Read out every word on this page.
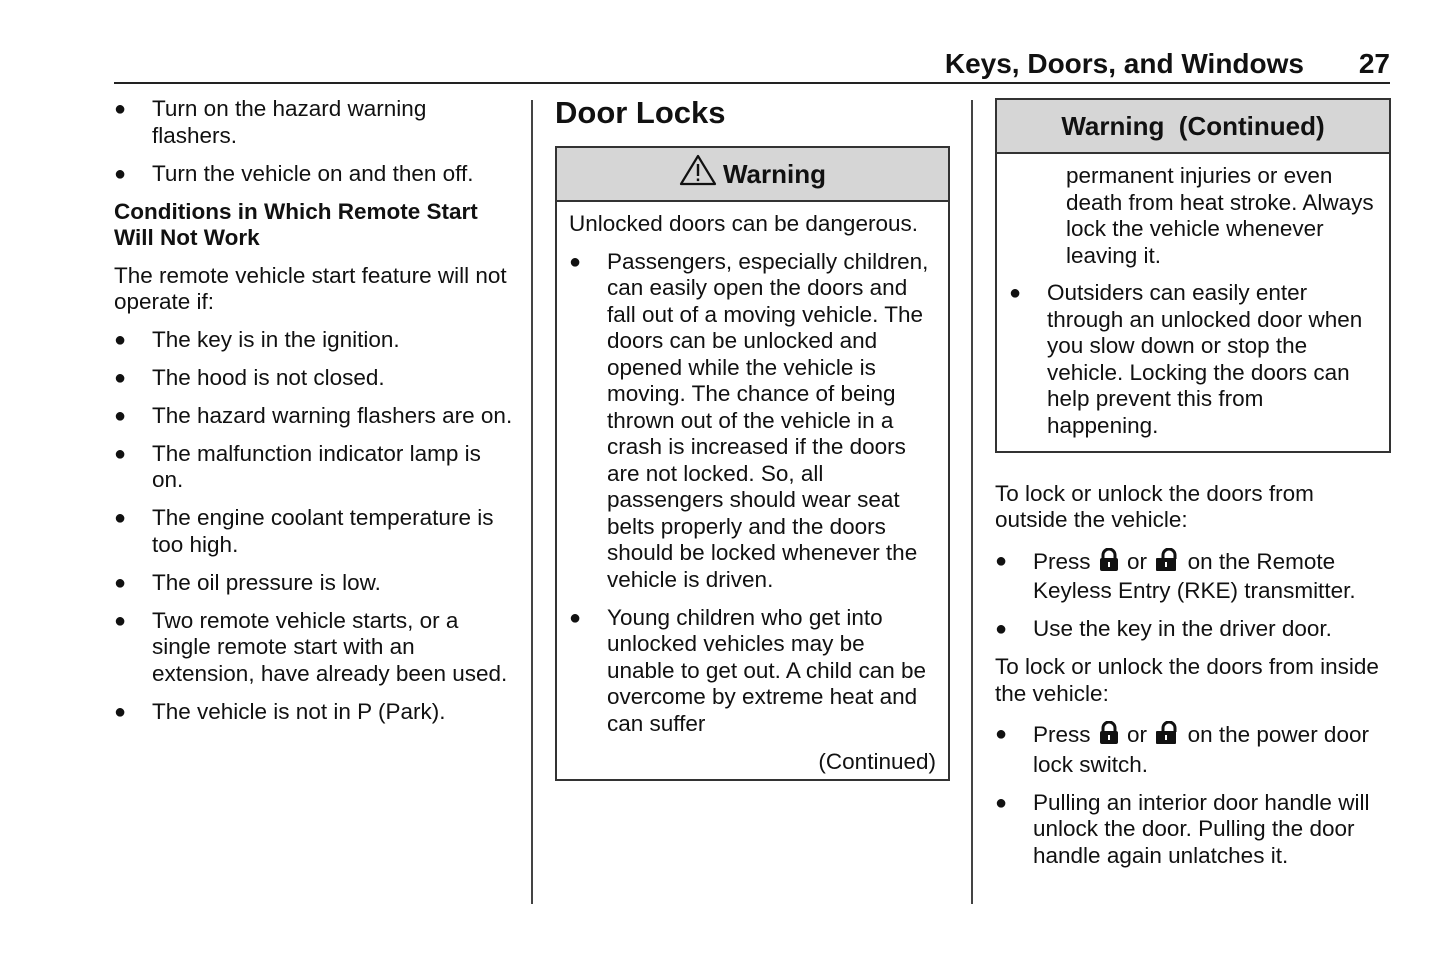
Keys, Doors, and Windows 27
● Turn on the hazard warning flashers.
● Turn the vehicle on and then off.
Conditions in Which Remote Start Will Not Work

The remote vehicle start feature will not operate if:

● The key is in the ignition.
● The hood is not closed.
● The hazard warning flashers are on.
● The malfunction indicator lamp is on.
● The engine coolant temperature is too high.
● The oil pressure is low.
● Two remote vehicle starts, or a single remote start with an extension, have already been used.
● The vehicle is not in P (Park).
Door Locks
Warning

Unlocked doors can be dangerous.

● Passengers, especially children, can easily open the doors and fall out of a moving vehicle. The doors can be unlocked and opened while the vehicle is moving. The chance of being thrown out of the vehicle in a crash is increased if the doors are not locked. So, all passengers should wear seat belts properly and the doors should be locked whenever the vehicle is driven.
● Young children who get into unlocked vehicles may be unable to get out. A child can be overcome by extreme heat and can suffer
(Continued)
Warning  (Continued)
permanent injuries or even death from heat stroke. Always lock the vehicle whenever leaving it.
● Outsiders can easily enter through an unlocked door when you slow down or stop the vehicle. Locking the doors can help prevent this from happening.

To lock or unlock the doors from outside the vehicle:

● Press or on the Remote Keyless Entry (RKE) transmitter.
● Use the key in the driver door.

To lock or unlock the doors from inside the vehicle:

● Press or on the power door lock switch.
● Pulling an interior door handle will unlock the door. Pulling the door handle again unlatches it.
